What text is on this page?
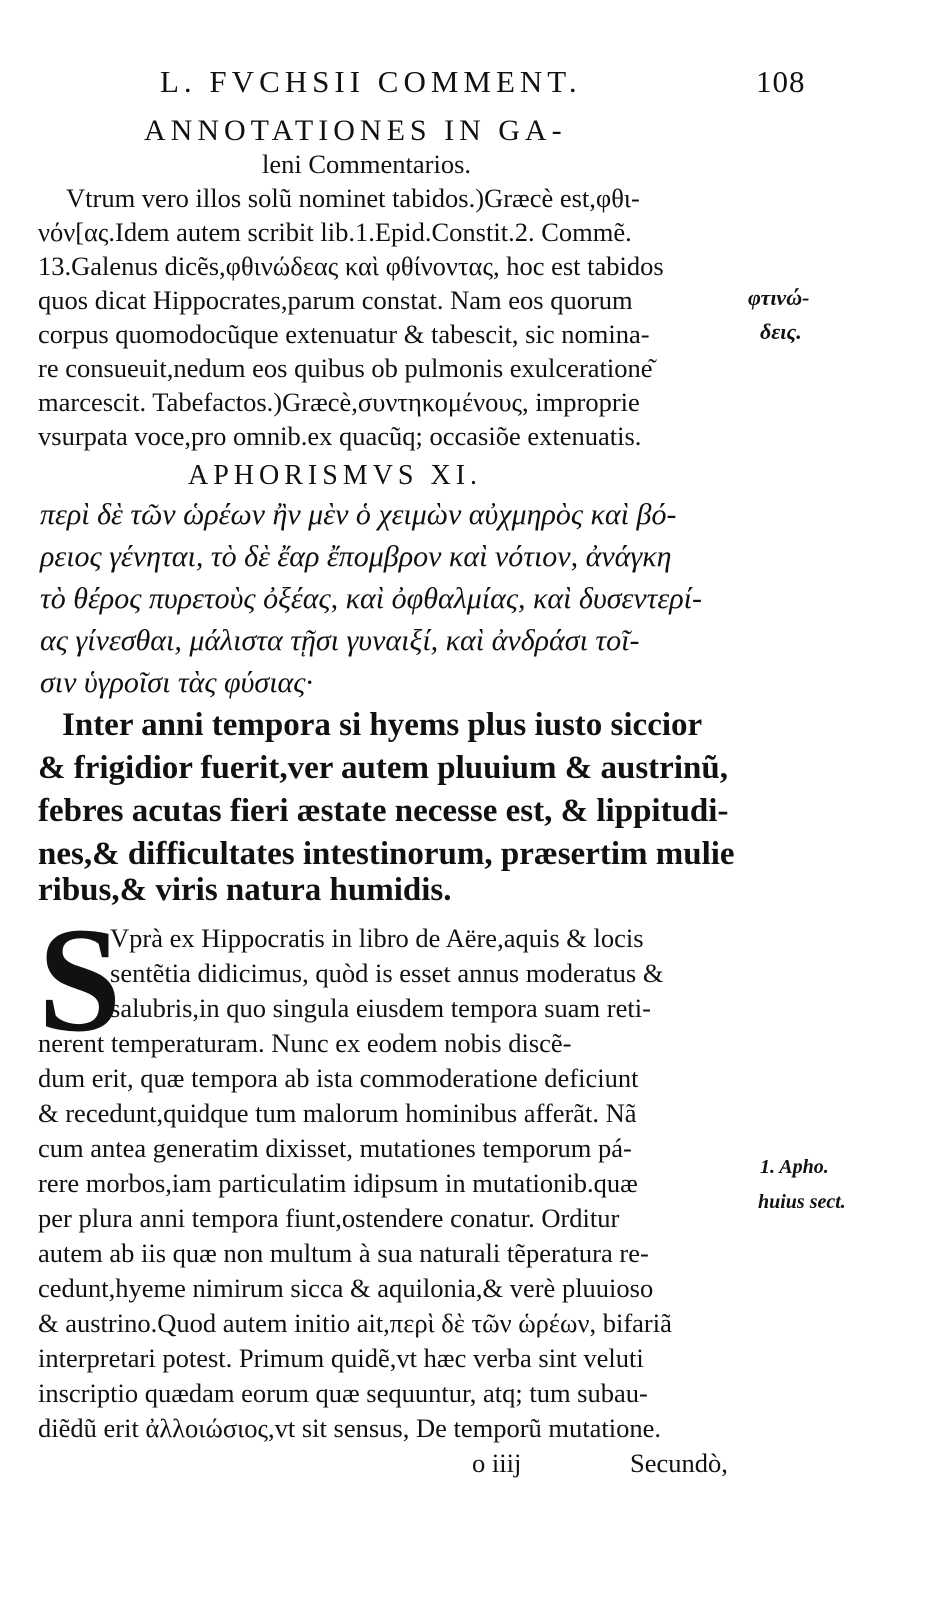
L. FVCHSII COMMENT.	108
ANNOTATIONES IN GA-
leni Commentarios.
Vtrum vero illos solũ nominet tabidos.)Græcè est,φθι-
νόν[ας.Idem autem scribit lib.1.Epid.Constit.2. Commẽ.
13.Galenus dicẽs,φθινώδεας καὶ φθίνοντας, hoc est tabidos
quos dicat Hippocrates,parum constat. Nam eos quorum
corpus quomodocũque extenuatur & tabescit, sic nomina-
re consueuit,nedum eos quibus ob pulmonis exulceratione͂
marcescit. Tabefactos.)Græcè,συντηκομένους, improprie
vsurpata voce,pro omnib.ex quacũq; occasiõe extenuatis.
APHORISMVS XI.
περὶ δὲ τῶν ὡρέων ἢν μὲν ὁ χειμὼν αὐχμηρὸς καὶ βό-
ρειος γένηται, τὸ δὲ ἔαρ ἔπομβρον καὶ νότιον, ἀνάγκη
τὸ θέρος πυρετοὺς ὀξέας, καὶ ὀφθαλμίας, καὶ δυσεντερί-
ας γίνεσθαι, μάλιστα τῇσι γυναιξί, καὶ ἀνδράσι τοῖ-
σιν ὑγροῖσι τὰς φύσιας·
Inter anni tempora si hyems plus iusto siccior
& frigidior fuerit,ver autem pluuium & austrinũ,
febres acutas fieri æstate necesse est, & lippitudi-
nes,& difficultates intestinorum, præsertim mulie
ribus,& viris natura humidis.
S
Vprà ex Hippocratis in libro de Aëre,aquis & locis
sentẽtia didicimus, quòd is esset annus moderatus &
salubris,in quo singula eiusdem tempora suam reti-
nerent temperaturam. Nunc ex eodem nobis discẽ-
dum erit, quæ tempora ab ista commoderatione deficiunt
& recedunt,quidque tum malorum hominibus afferãt. Nã
cum antea generatim dixisset, mutationes temporum pá-
rere morbos,iam particulatim idipsum in mutationib.quæ
per plura anni tempora fiunt,ostendere conatur. Orditur
autem ab iis quæ non multum à sua naturali tẽperatura re-
cedunt,hyeme nimirum sicca & aquilonia,& verè pluuioso
& austrino.Quod autem initio ait,περὶ δὲ τῶν ὡρέων, bifariã
interpretari potest. Primum quidẽ,vt hæc verba sint veluti
inscriptio quædam eorum quæ sequuntur, atq; tum subau-
diẽdũ erit ἀλλοιώσιος,vt sit sensus, De temporũ mutatione.
o iiij	Secundò,
φτινώ-
δεις.
1. Apho.
huius sect.
